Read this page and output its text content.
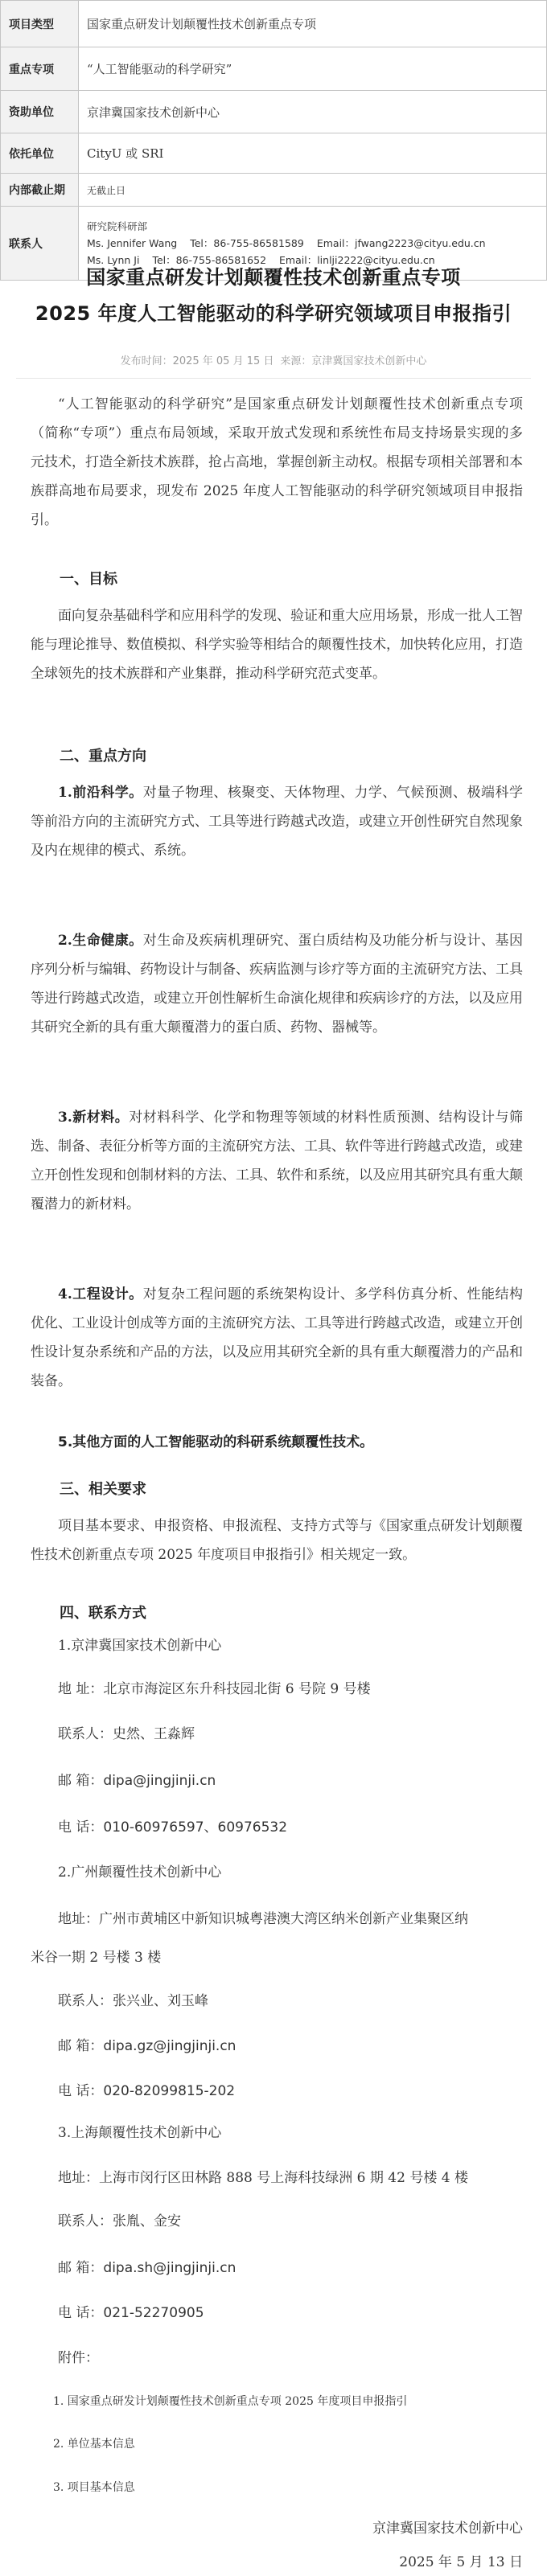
项目类型	国家重点研发计划颠覆性技术创新重点专项
重点专项	“人工智能驱动的科学研究”
资助单位	京津冀国家技术创新中心
依托单位	CityU 或 SRI
内部截止期	无截止日
联系人	研究院科研部
Ms. Jennifer Wang Tel：86-755-86581589 Email：jfwang2223@cityu.edu.cn
Ms. Lynn Ji Tel：86-755-86581652 Email：linlji2222@cityu.edu.cn
国家重点研发计划颠覆性技术创新重点专项
2025 年度人工智能驱动的科学研究领域项目申报指引
发布时间：2025 年 05 月 15 日 来源：京津冀国家技术创新中心
“人工智能驱动的科学研究”是国家重点研发计划颠覆性技术创新重点专项（简称“专项”）重点布局领域，采取开放式发现和系统性布局支持场景实现的多元技术，打造全新技术族群，抢占高地，掌握创新主动权。根据专项相关部署和本族群高地布局要求，现发布 2025 年度人工智能驱动的科学研究领域项目申报指引。
一、目标
面向复杂基础科学和应用科学的发现、验证和重大应用场景，形成一批人工智能与理论推导、数值模拟、科学实验等相结合的颠覆性技术，加快转化应用，打造全球领先的技术族群和产业集群，推动科学研究范式变革。
二、重点方向
1.前沿科学。对量子物理、核聚变、天体物理、力学、气候预测、极端科学等前沿方向的主流研究方式、工具等进行跨越式改造，或建立开创性研究自然现象及内在规律的模式、系统。
2.生命健康。对生命及疾病机理研究、蛋白质结构及功能分析与设计、基因序列分析与编辑、药物设计与制备、疾病监测与诊疗等方面的主流研究方法、工具等进行跨越式改造，或建立开创性解析生命演化规律和疾病诊疗的方法，以及应用其研究全新的具有重大颠覆潜力的蛋白质、药物、器械等。
3.新材料。对材料科学、化学和物理等领域的材料性质预测、结构设计与筛选、制备、表征分析等方面的主流研究方法、工具、软件等进行跨越式改造，或建立开创性发现和创制材料的方法、工具、软件和系统，以及应用其研究具有重大颠覆潜力的新材料。
4.工程设计。对复杂工程问题的系统架构设计、多学科仿真分析、性能结构优化、工业设计创成等方面的主流研究方法、工具等进行跨越式改造，或建立开创性设计复杂系统和产品的方法，以及应用其研究全新的具有重大颠覆潜力的产品和装备。
5.其他方面的人工智能驱动的科研系统颠覆性技术。
三、相关要求
项目基本要求、申报资格、申报流程、支持方式等与《国家重点研发计划颠覆性技术创新重点专项 2025 年度项目申报指引》相关规定一致。
四、联系方式
1.京津冀国家技术创新中心
地 址：北京市海淀区东升科技园北街 6 号院 9 号楼
联系人：史然、王淼辉
邮 箱：dipa@jingjinji.cn
电 话：010-60976597、60976532
2.广州颠覆性技术创新中心
地址：广州市黄埔区中新知识城粤港澳大湾区纳米创新产业集聚区纳
米谷一期 2 号楼 3 楼
联系人：张兴业、刘玉峰
邮 箱：dipa.gz@jingjinji.cn
电 话：020-82099815-202
3.上海颠覆性技术创新中心
地址：上海市闵行区田林路 888 号上海科技绿洲 6 期 42 号楼 4 楼
联系人：张胤、金安
邮 箱：dipa.sh@jingjinji.cn
电 话：021-52270905
附件：
1. 国家重点研发计划颠覆性技术创新重点专项 2025 年度项目申报指引
2. 单位基本信息
3. 项目基本信息
京津冀国家技术创新中心
2025 年 5 月 13 日
